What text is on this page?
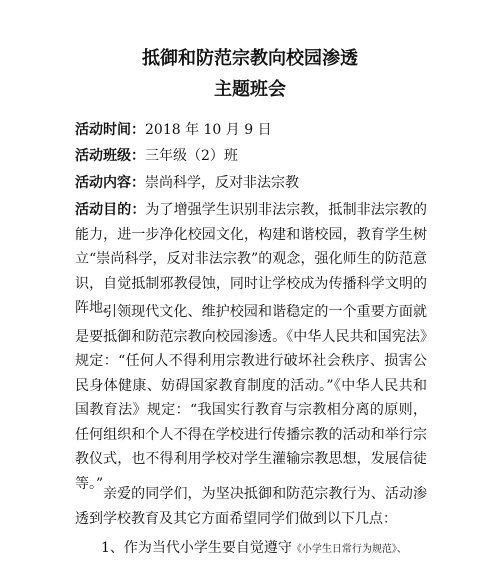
抵御和防范宗教向校园渗透
主题班会
活动时间：2018 年 10 月 9 日
活动班级：三年级（2）班
活动内容：崇尚科学，反对非法宗教
活动目的：为了增强学生识别非法宗教，抵制非法宗教的能力，进一步净化校园文化，构建和谐校园，教育学生树立“崇尚科学，反对非法宗教”的观念，强化师生的防范意识，自觉抵制邪教侵蚀，同时让学校成为传播科学文明的阵地。
引领现代文化、维护校园和谐稳定的一个重要方面就是要抵御和防范宗教向校园渗透。《中华人民共和国宪法》规定：“任何人不得利用宗教进行破坏社会秩序、损害公民身体健康、妨碍国家教育制度的活动。”《中华人民共和国教育法》规定：“我国实行教育与宗教相分离的原则，任何组织和个人不得在学校进行传播宗教的活动和举行宗教仪式，也不得利用学校对学生灌输宗教思想，发展信徒等。”
亲爱的同学们，为坚决抵御和防范宗教行为、活动渗透到学校教育及其它方面希望同学们做到以下几点：
1、作为当代小学生要自觉遵守《小学生日常行为规范》、
